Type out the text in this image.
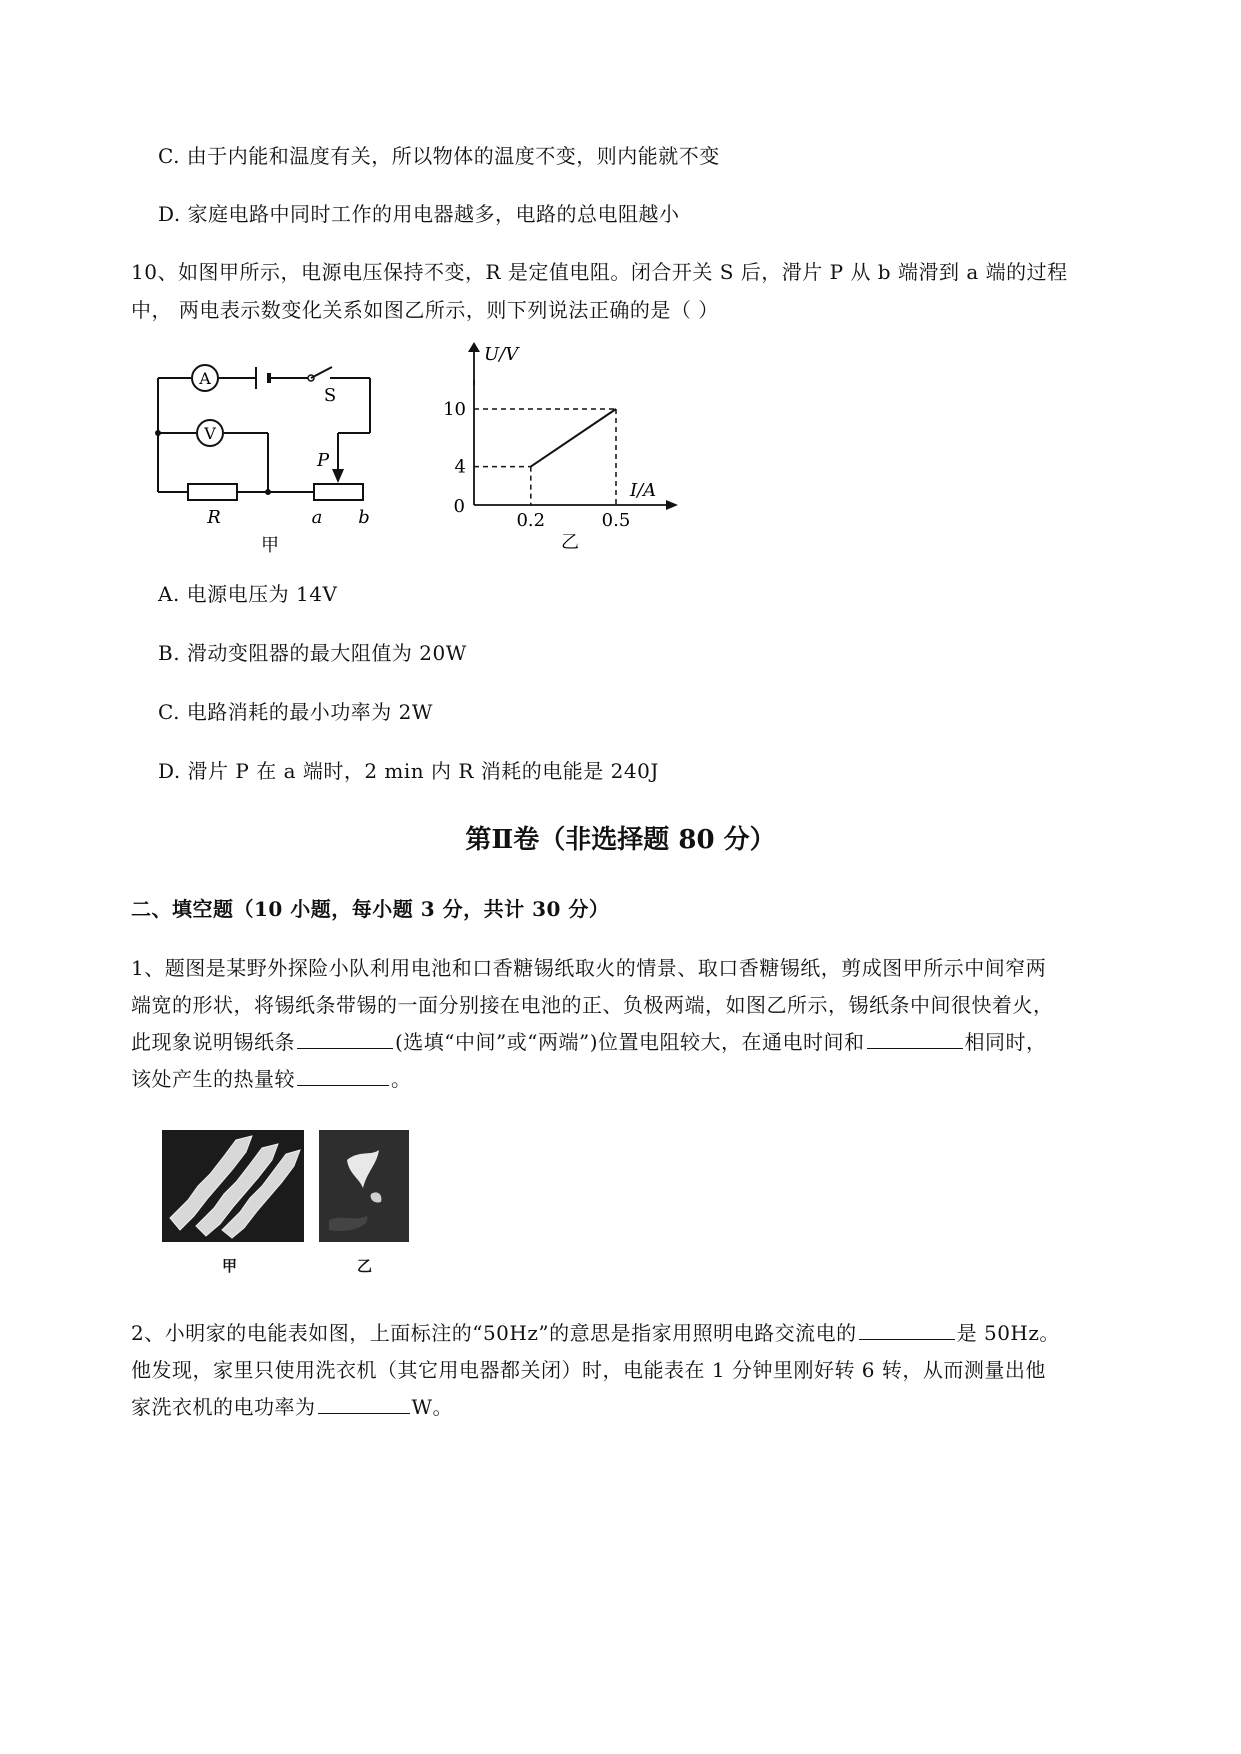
C. 由于内能和温度有关，所以物体的温度不变，则内能就不变
D. 家庭电路中同时工作的用电器越多，电路的总电阻越小
10、如图甲所示，电源电压保持不变，R 是定值电阻。闭合开关 S 后，滑片 P 从 b 端滑到 a 端的过程
中， 两电表示数变化关系如图乙所示，则下列说法正确的是（ ）
A
V
S
R
P
a b
甲
0.2	0.5
4
10
0
I/A
乙
U/V
A. 电源电压为 14V
B. 滑动变阻器的最大阻值为 20W
C. 电路消耗的最小功率为 2W
D. 滑片 P 在 a 端时，2 min 内 R 消耗的电能是 240J
第Ⅱ卷（非选择题 80 分）
二、填空题（10 小题，每小题 3 分，共计 30 分）
1、题图是某野外探险小队利用电池和口香糖锡纸取火的情景、取口香糖锡纸，剪成图甲所示中间窄两
端宽的形状，将锡纸条带锡的一面分别接在电池的正、负极两端，如图乙所示，锡纸条中间很快着火，
此现象说明锡纸条	(选填“中间”或“两端”)位置电阻较大，在通电时间和	相同时，
该处产生的热量较	。
甲	乙
2、小明家的电能表如图，上面标注的“50Hz”的意思是指家用照明电路交流电的	是 50Hz。
他发现，家里只使用洗衣机（其它用电器都关闭）时，电能表在 1 分钟里刚好转 6 转，从而测量出他
家洗衣机的电功率为	W。
